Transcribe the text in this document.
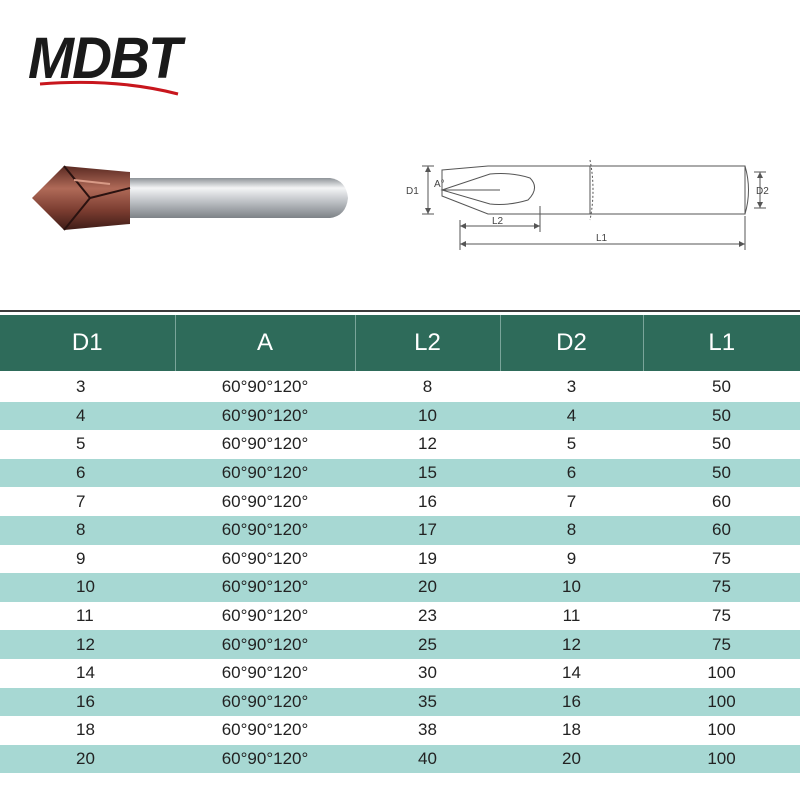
MDBT
D1
A°
L2
L1
D2
D1	A	L2	D2	L1
3	60°90°120°	8	3	50
4	60°90°120°	10	4	50
5	60°90°120°	12	5	50
6	60°90°120°	15	6	50
7	60°90°120°	16	7	60
8	60°90°120°	17	8	60
9	60°90°120°	19	9	75
10	60°90°120°	20	10	75
11	60°90°120°	23	11	75
12	60°90°120°	25	12	75
14	60°90°120°	30	14	100
16	60°90°120°	35	16	100
18	60°90°120°	38	18	100
20	60°90°120°	40	20	100
